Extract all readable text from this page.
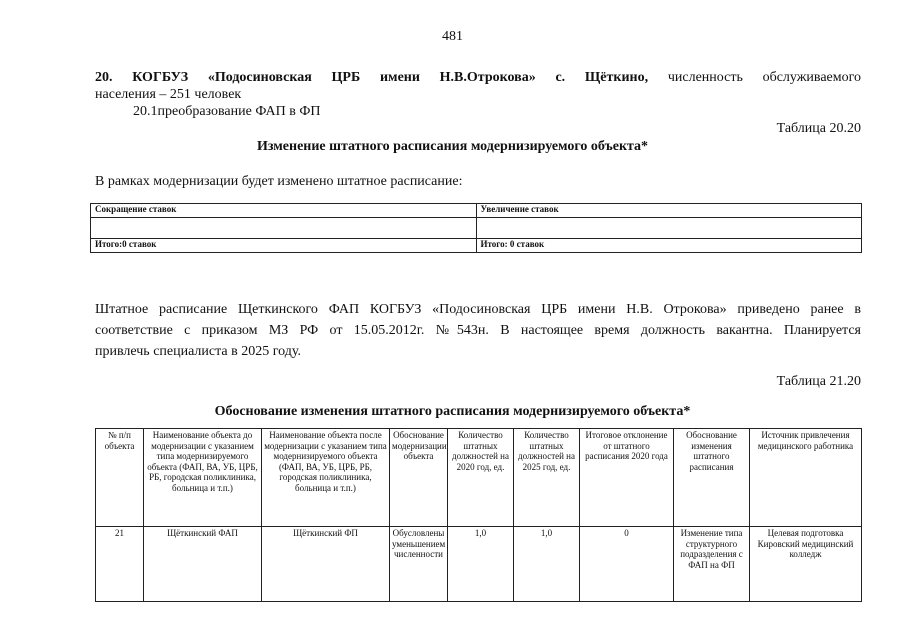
481
20. КОГБУЗ «Подосиновская ЦРБ имени Н.В.Отрокова» с. Щёткино, численность обслуживаемого
населения – 251 человек
20.1преобразование ФАП в ФП
Таблица 20.20
Изменение штатного расписания модернизируемого объекта*
В рамках модернизации будет изменено штатное расписание:
Сокращение ставок	Увеличение ставок

Итого:0 ставок	Итого: 0 ставок
Штатное расписание Щеткинского ФАП КОГБУЗ «Подосиновская ЦРБ имени Н.В. Отрокова» приведено ранее в
соответствие с приказом МЗ РФ от 15.05.2012г. №543н. В настоящее время должность вакантна. Планируется
привлечь специалиста в 2025 году.
Таблица 21.20
Обоснование изменения штатного расписания модернизируемого объекта*
№ п/п объекта	Наименование объекта до модернизации с указанием типа модернизируемого объекта (ФАП, ВА, УБ, ЦРБ, РБ, городская поликлиника, больница и т.п.)	Наименование объекта после модернизации с указанием типа модернизируемого объекта (ФАП, ВА, УБ, ЦРБ, РБ, городская поликлиника, больница и т.п.)	Обоснование модернизации объекта	Количество штатных должностей на 2020 год, ед.	Количество штатных должностей на 2025 год, ед.	Итоговое отклонение от штатного расписания 2020 года	Обоснование изменения штатного расписания	Источник привлечения медицинского работника
21	Щёткинский ФАП	Щёткинский ФП	Обусловлены уменьшением численности	1,0	1,0	0	Изменение типа структурного подразделения с ФАП на ФП	Целевая подготовка Кировский медицинский колледж
